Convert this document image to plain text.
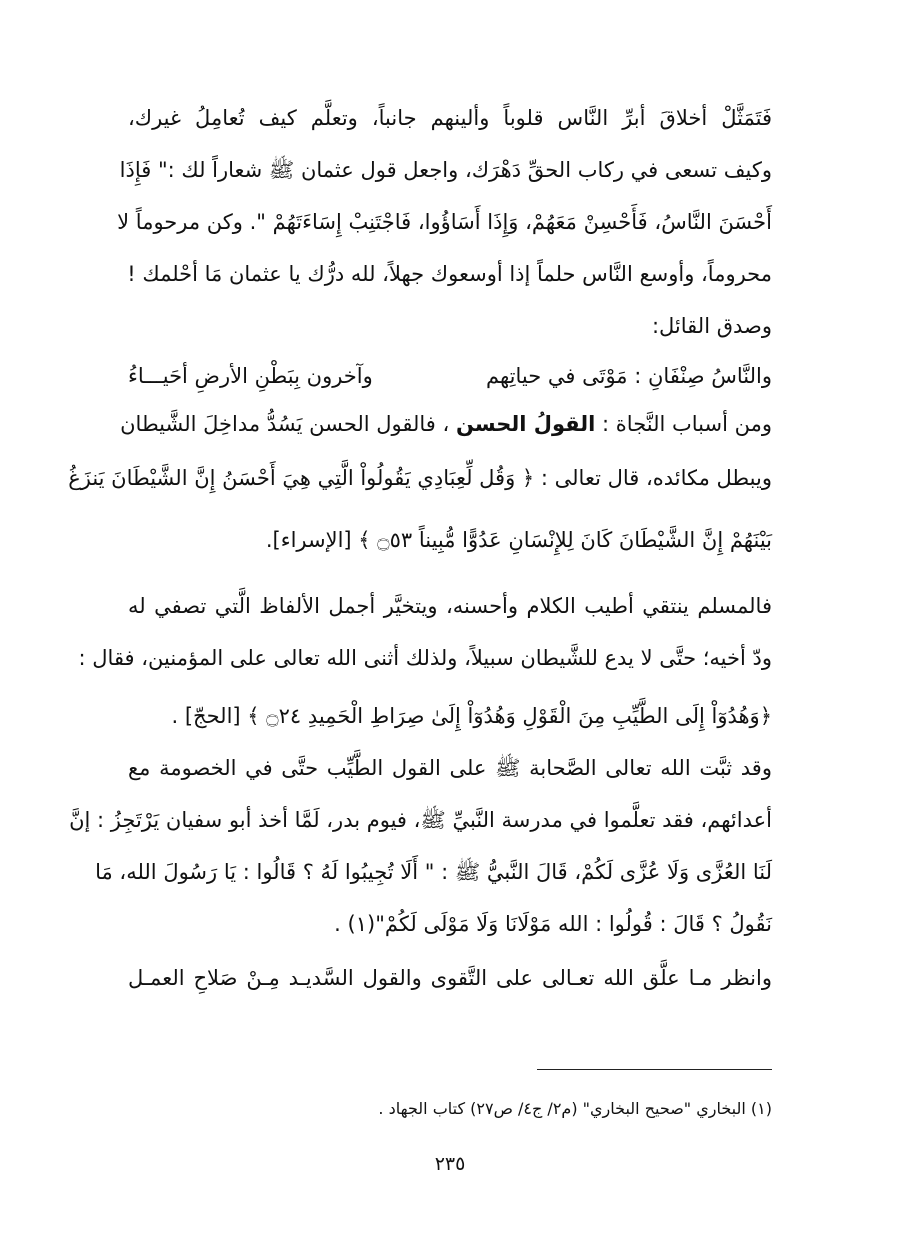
فَتَمَثَّلْ أخلاقَ أبرِّ النَّاس قلوباً وألينهم جانباً، وتعلَّم كيف تُعامِلُ غيرك،
وكيف تسعى في ركاب الحقِّ دَهْرَك، واجعل قول عثمان ﷺ شعاراً لك :" فَإِذَا
أَحْسَنَ النَّاسُ، فَأَحْسِنْ مَعَهُمْ، وَإِذَا أَسَاؤُوا، فَاجْتَنِبْ إِسَاءَتَهُمْ ". وكن مرحوماً لا
محروماً، وأوسع النَّاس حلماً إذا أوسعوك جهلاً، لله درُّك يا عثمان مَا أحْلمك !
وصدق القائل:
والنَّاسُ صِنْفَانِ : مَوْتَى في حياتِهم
وآخرون بِبَطْنِ الأرضِ أحَيـــاءُ
ومن أسباب النَّجاة : القولُ الحسن ، فالقول الحسن يَسُدُّ مداخِلَ الشَّيطان
ويبطل مكائده، قال تعالى : ﴿ وَقُل لِّعِبَادِي يَقُولُواْ الَّتِي هِيَ أَحْسَنُ إِنَّ الشَّيْطَانَ يَنزَغُ
بَيْنَهُمْ إِنَّ الشَّيْطَانَ كَانَ لِلإِنْسَانِ عَدُوًّا مُّبِيناً ۝٥٣ ﴾ [الإسراء].
فالمسلم ينتقي أطيب الكلام وأحسنه، ويتخيَّر أجمل الألفاظ الَّتي تصفي له
ودّ أخيه؛ حتَّى لا يدع للشَّيطان سبيلاً، ولذلك أثنى الله تعالى على المؤمنين، فقال :
﴿وَهُدُوٓاْ إِلَى الطَّيِّبِ مِنَ الْقَوْلِ وَهُدُوٓاْ إِلَىٰ صِرَاطِ الْحَمِيدِ ۝٢٤ ﴾ [الحجّ] .
وقد ثبَّت الله تعالى الصَّحابة ﷺ على القول الطَّيِّب حتَّى في الخصومة مع
أعدائهم، فقد تعلَّموا في مدرسة النَّبيِّ ﷺ، فيوم بدر، لَمَّا أخذ أبو سفيان يَرْتَجِزُ : إنَّ
لَنَا العُزَّى وَلَا عُزَّى لَكُمْ، قَالَ النَّبيُّ ﷺ : " أَلَا تُجِيبُوا لَهُ ؟ قَالُوا : يَا رَسُولَ الله، مَا
نَقُولُ ؟ قَالَ : قُولُوا : الله مَوْلَانَا وَلَا مَوْلَى لَكُمْ"(١) .
وانظر مـا علَّق الله تعـالى على التَّقوى والقول السَّديـد مِـنْ صَلاحِ العمـل
(١) البخاري "صحيح البخاري" (م٢/ ج٤/ ص٢٧) كتاب الجهاد .
٢٣٥
